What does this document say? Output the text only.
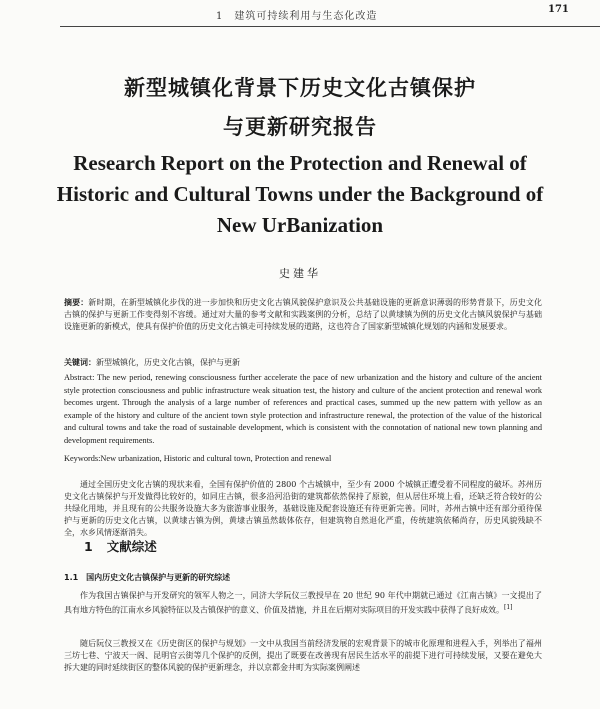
1　建筑可持续利用与生态化改造
171
新型城镇化背景下历史文化古镇保护
与更新研究报告
Research Report on the Protection and Renewal of
Historic and Cultural Towns under the Background of
New UrBanization
史建华

摘要：新时期，在新型城镇化步伐的进一步加快和历史文化古镇风貌保护意识及公共基础设施的更新意识薄弱的形势背景下，历史文化古镇的保护与更新工作变得刻不容缓。通过对大量的参考文献和实践案例的分析，总结了以黄埭镇为例的历史文化古镇风貌保护与基础设施更新的新模式，使具有保护价值的历史文化古镇走可持续发展的道路，这也符合了国家新型城镇化规划的内涵和发展要求。

关键词：新型城镇化，历史文化古镇，保护与更新

Abstract: The new period, renewing consciousness further accelerate the pace of new urbanization and the history and culture of the ancient style protection consciousness and public infrastructure weak situation test, the history and culture of the ancient protection and renewal work becomes urgent. Through the analysis of a large number of references and practical cases, summed up the new pattern with yellow as an example of the history and culture of the ancient town style protection and infrastructure renewal, the protection of the value of the historical and cultural towns and take the road of sustainable development, which is consistent with the connotation of national new town planning and development requirements.

Keywords:New urbanization, Historic and cultural town, Protection and renewal

通过全国历史文化古镇的现状来看，全国有保护价值的 2800 个古城镇中，至少有 2000 个城镇正遭受着不同程度的破坏。苏州历史文化古镇保护与开发做得比较好的，如同庄古镇，很多沿河沿街的建筑都依然保持了原貌，但从居住环境上看，还缺乏符合较好的公共绿化用地，并且现有的公共服务设施大多为旅游事业服务，基础设施及配套设施还有待更新完善。同时，苏州古镇中还有部分亟待保护与更新的历史文化古镇，以黄埭古镇为例，黄埭古镇虽然载体依存，但建筑物自然退化严重，传统建筑依稀尚存，历史风貌残缺不全，水乡风情逐渐消失。

1 文献综述
1.1 国内历史文化古镇保护与更新的研究综述

作为我国古镇保护与开发研究的领军人物之一，同济大学阮仪三教授早在 20 世纪 90 年代中期就已通过《江南古镇》一文提出了具有地方特色的江南水乡风貌特征以及古镇保护的意义、价值及措施，并且在后期对实际项目的开发实践中获得了良好成效。[1]

随后阮仪三教授又在《历史街区的保护与规划》一文中从我国当前经济发展的宏观背景下的城市化原理和进程入手，列举出了福州三坊七巷、宁波天一阁、昆明官云街等几个保护的反例，提出了既要在改善现有居民生活水平的前提下进行可持续发展，又要在避免大拆大建的同时延续街区的整体风貌的保护更新理念，并以京都金井町为实际案例阐述
